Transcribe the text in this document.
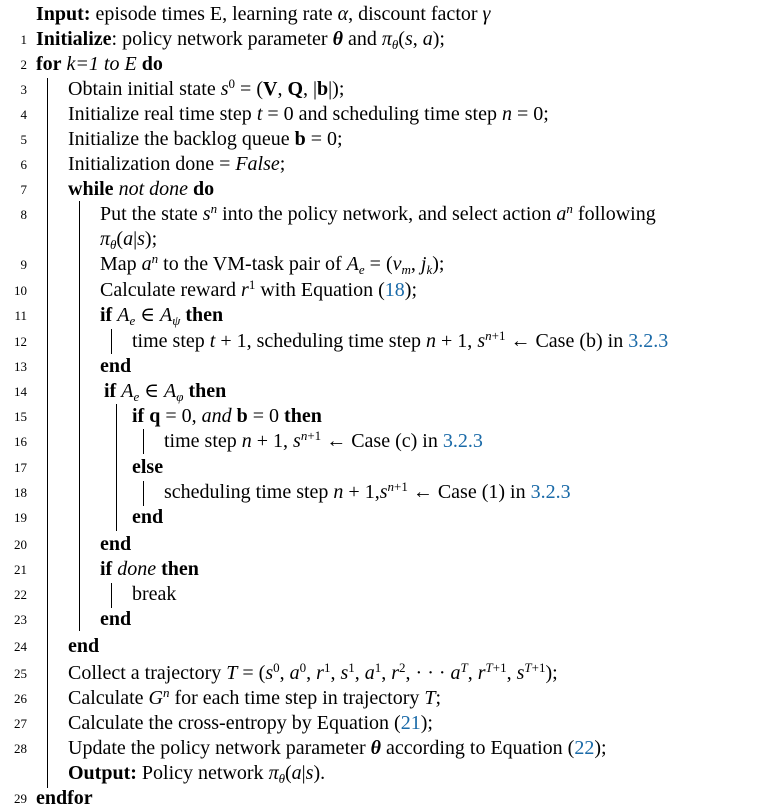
Input: episode times E, learning rate α, discount factor γ
1 Initialize: policy network parameter θ and $\pi_\theta(s$, a);
2 for k=1 to E do
3 Obtain initial state $s^0 = (V$, Q, |b|);
4 Initialize real time step t = 0 and scheduling time step n = 0;
5 Initialize the backlog queue b = 0;
6 Initialization done = False;
7 while not done do
8	Put the state $s^n$ into the policy network, and select action $a^n$ following
$\pi_\theta(a|s)$;
9	Map $a^n$ to the VM-task pair of $A_e = (v_m$, $j_k$);
10	Calculate reward $r^1$ with Equation (18);
11	if $A_e$ ∈ $A_\psi$ then
12	time step t + 1, scheduling time step n + 1, $s^{n+1}$ ← Case (b) in 3.2.3
13	end
14	if $A_e$ ∈ $A_\varphi$ then
15	if q = 0, and b = 0 then
16	time step n + 1, $s^{n+1}$ ← Case (c) in 3.2.3
17	else
18	scheduling time step $n + 1,s^{n+1}$ ← Case (1) in 3.2.3
19	end
20	end
21	if done then
22	break
23	end
24 end
25 Collect a trajectory $T = (s^0$, $a^0$, $r^1$, $s^1$, $a^1$, $r^2$, · · · $a^T$, $r^{T+1}$, $s^{T+1}$);
26 Calculate $G^n$ for each time step in trajectory T;
27 Calculate the cross-entropy by Equation (21);
28 Update the policy network parameter θ according to Equation (22);
Output: Policy network $\pi_\theta(a|s)$.
29 endfor
